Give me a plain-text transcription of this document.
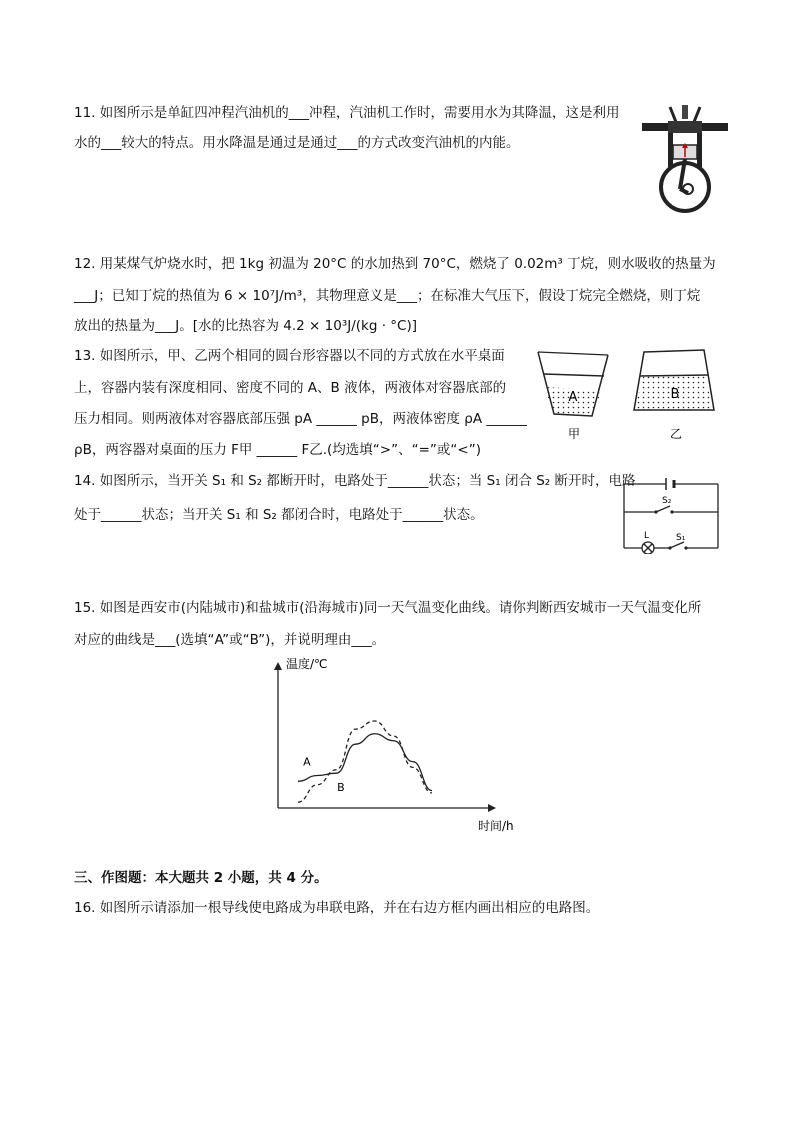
11. 如图所示是单缸四冲程汽油机的___冲程，汽油机工作时，需要用水为其降温，这是利用
水的___较大的特点。用水降温是通过是通过___的方式改变汽油机的内能。
12. 用某煤气炉烧水时，把 1kg 初温为 20°C 的水加热到 70°C，燃烧了 0.02m³ 丁烷，则水吸收的热量为
___J；已知丁烷的热值为 6 × 10⁷J/m³，其物理意义是___；在标准大气压下，假设丁烷完全燃烧，则丁烷
放出的热量为___J。[水的比热容为 4.2 × 10³J/(kg · °C)]
13. 如图所示，甲、乙两个相同的圆台形容器以不同的方式放在水平桌面
上，容器内装有深度相同、密度不同的 A、B 液体，两液体对容器底部的
压力相同。则两液体对容器底部压强 pA ______ pB，两液体密度 ρA ______
ρB，两容器对桌面的压力 F甲 ______ F乙.(均选填“>”、“=”或“<”)
A	B
甲	乙
14. 如图所示，当开关 S₁ 和 S₂ 都断开时，电路处于______状态；当 S₁ 闭合 S₂ 断开时，电路
处于______状态；当开关 S₁ 和 S₂ 都闭合时，电路处于______状态。
S₂
S₁
L
15. 如图是西安市(内陆城市)和盐城市(沿海城市)同一天气温变化曲线。请你判断西安城市一天气温变化所
对应的曲线是___(选填“A”或“B”)，并说明理由___。
温度/℃
时间/h
A
B
三、作图题：本大题共 2 小题，共 4 分。
16. 如图所示请添加一根导线使电路成为串联电路，并在右边方框内画出相应的电路图。
